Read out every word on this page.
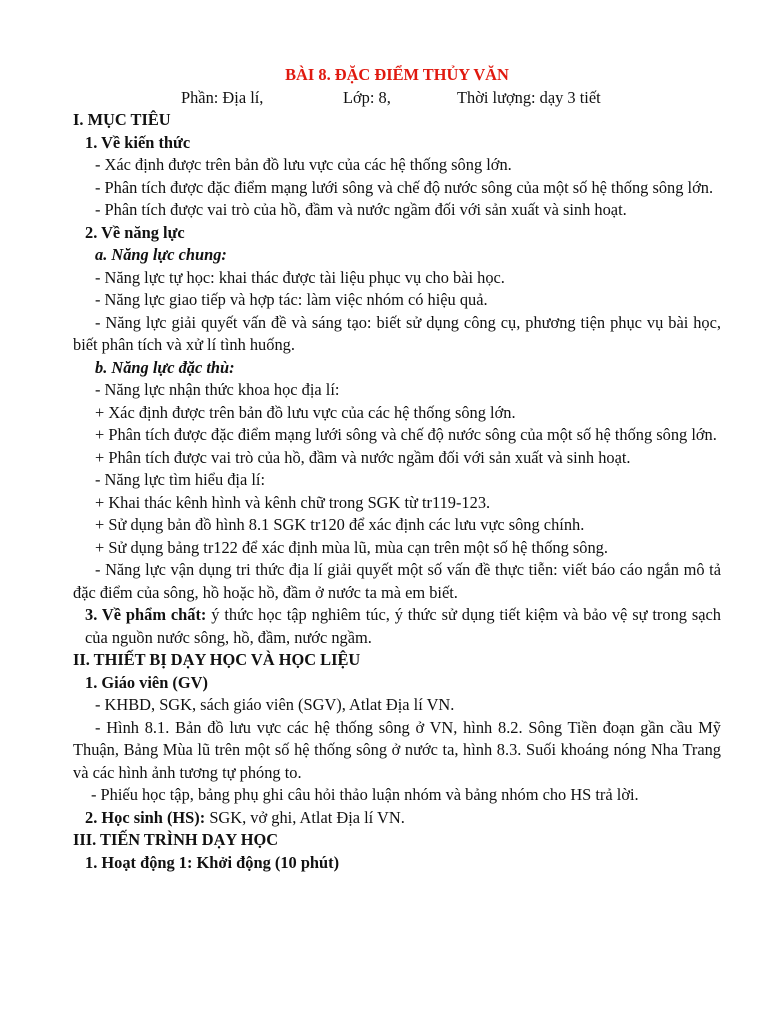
BÀI 8. ĐẶC ĐIỂM THỦY VĂN

Phần: Địa lí,	Lớp: 8,	Thời lượng: dạy 3 tiết

I. MỤC TIÊU

1. Về kiến thức

- Xác định được trên bản đồ lưu vực của các hệ thống sông lớn.

- Phân tích được đặc điểm mạng lưới sông và chế độ nước sông của một số hệ thống sông lớn.

- Phân tích được vai trò của hồ, đầm và nước ngầm đối với sản xuất và sinh hoạt.

2. Về năng lực

a. Năng lực chung:

- Năng lực tự học: khai thác được tài liệu phục vụ cho bài học.

- Năng lực giao tiếp và hợp tác: làm việc nhóm có hiệu quả.

- Năng lực giải quyết vấn đề và sáng tạo: biết sử dụng công cụ, phương tiện phục vụ bài học, biết phân tích và xử lí tình huống.

b. Năng lực đặc thù:

- Năng lực nhận thức khoa học địa lí:

+ Xác định được trên bản đồ lưu vực của các hệ thống sông lớn.

+ Phân tích được đặc điểm mạng lưới sông và chế độ nước sông của một số hệ thống sông lớn.

+ Phân tích được vai trò của hồ, đầm và nước ngầm đối với sản xuất và sinh hoạt.

- Năng lực tìm hiểu địa lí:

+ Khai thác kênh hình và kênh chữ trong SGK từ tr119-123.

+ Sử dụng bản đồ hình 8.1 SGK tr120 để xác định các lưu vực sông chính.

+ Sử dụng bảng tr122 để xác định mùa lũ, mùa cạn trên một số hệ thống sông.

- Năng lực vận dụng tri thức địa lí giải quyết một số vấn đề thực tiễn: viết báo cáo ngắn mô tả đặc điểm của sông, hồ hoặc hồ, đầm ở nước ta mà em biết.

3. Về phẩm chất: ý thức học tập nghiêm túc, ý thức sử dụng tiết kiệm và bảo vệ sự trong sạch của nguồn nước sông, hồ, đầm, nước ngầm.

II. THIẾT BỊ DẠY HỌC VÀ HỌC LIỆU

1. Giáo viên (GV)

- KHBD, SGK, sách giáo viên (SGV), Atlat Địa lí VN.

- Hình 8.1. Bản đồ lưu vực các hệ thống sông ở VN, hình 8.2. Sông Tiền đoạn gần cầu Mỹ Thuận, Bảng Mùa lũ trên một số hệ thống sông ở nước ta, hình 8.3. Suối khoáng nóng Nha Trang và các hình ảnh tương tự phóng to.

- Phiếu học tập, bảng phụ ghi câu hỏi thảo luận nhóm và bảng nhóm cho HS trả lời.

2. Học sinh (HS): SGK, vở ghi, Atlat Địa lí VN.

III. TIẾN TRÌNH DẠY HỌC

1. Hoạt động 1: Khởi động (10 phút)
